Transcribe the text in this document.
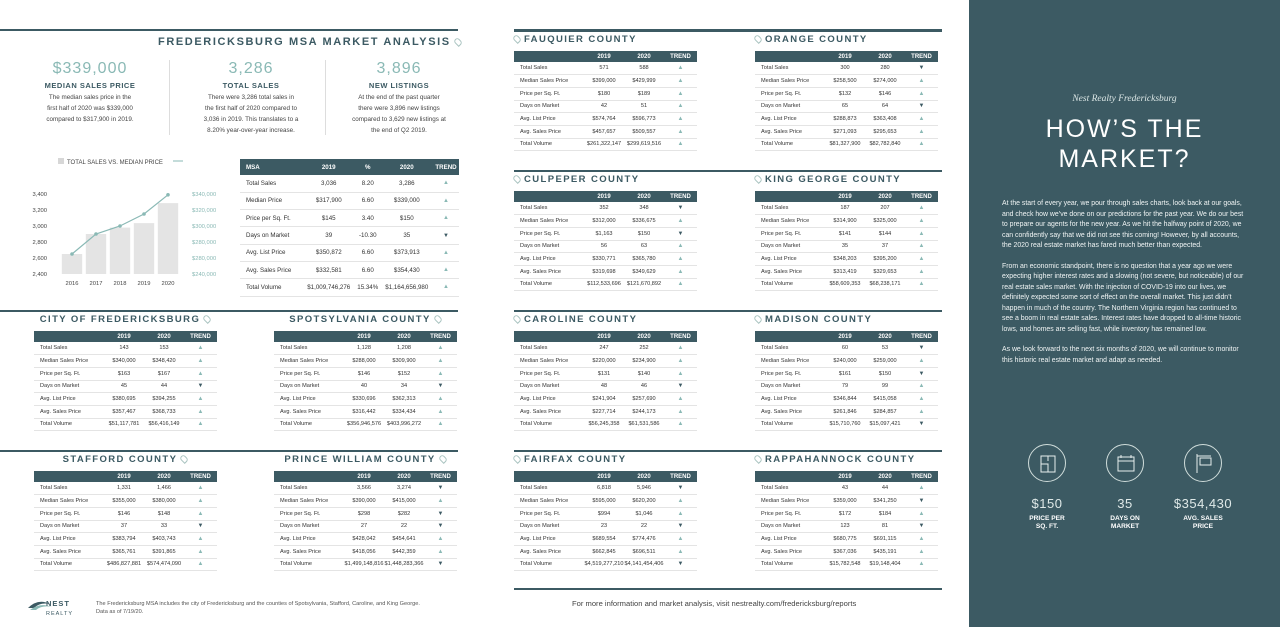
FREDERICKSBURG MSA MARKET ANALYSIS
$339,000
MEDIAN SALES PRICE
The median sales price in the
first half of 2020 was $339,000
compared to $317,900 in 2019.
3,286
TOTAL SALES
There were 3,286 total sales in
the first half of 2020 compared to
3,036 in 2019. This translates to a
8.20% year-over-year increase.
3,896
NEW LISTINGS
At the end of the past quarter
there were 3,896 new listings
compared to 3,629 new listings at
the end of Q2 2019.
TOTAL SALES VS. MEDIAN PRICE
3,400
3,200
3,000
2,800
2,600
2,400
$340,000
$320,000
$300,000
$280,000
$280,000
$240,000
2016 2017 2018 2019 2020
MSA	2019	%	2020	TREND
Total Sales	3,036	8.20	3,286	▲
Median Price	$317,900	6.60	$339,000	▲
Price per Sq. Ft.	$145	3.40	$150	▲
Days on Market	39	-10.30	35	▼
Avg. List Price	$350,872	6.60	$373,913	▲
Avg. Sales Price	$332,581	6.60	$354,430	▲
Total Volume	$1,009,746,276	15.34%	$1,164,656,980	▲
FAUQUIER COUNTY
	2019	2020	TREND
Total Sales	571	588	▲
Median Sales Price	$399,000	$429,999	▲
Price per Sq. Ft.	$180	$189	▲
Days on Market	42	51	▲
Avg. List Price	$574,764	$596,773	▲
Avg. Sales Price	$457,657	$509,557	▲
Total Volume	$261,322,147	$299,619,516	▲
ORANGE COUNTY
	2019	2020	TREND
Total Sales	300	280	▼
Median Sales Price	$258,500	$274,000	▲
Price per Sq. Ft.	$132	$146	▲
Days on Market	65	64	▼
Avg. List Price	$288,873	$363,408	▲
Avg. Sales Price	$271,093	$295,653	▲
Total Volume	$81,327,900	$82,782,840	▲
CULPEPER COUNTY
	2019	2020	TREND
Total Sales	352	348	▼
Median Sales Price	$312,000	$336,675	▲
Price per Sq. Ft.	$1,163	$150	▼
Days on Market	56	63	▲
Avg. List Price	$330,771	$365,780	▲
Avg. Sales Price	$319,698	$349,629	▲
Total Volume	$112,533,696	$121,670,892	▲
KING GEORGE COUNTY
	2019	2020	TREND
Total Sales	187	207	▲
Median Sales Price	$314,900	$325,000	▲
Price per Sq. Ft.	$141	$144	▲
Days on Market	35	37	▲
Avg. List Price	$348,203	$395,200	▲
Avg. Sales Price	$313,419	$329,653	▲
Total Volume	$58,609,353	$68,238,171	▲
CITY OF FREDERICKSBURG
	2019	2020	TREND
Total Sales	143	153	▲
Median Sales Price	$340,000	$348,420	▲
Price per Sq. Ft.	$163	$167	▲
Days on Market	45	44	▼
Avg. List Price	$380,695	$394,255	▲
Avg. Sales Price	$357,467	$368,733	▲
Total Volume	$51,117,781	$56,416,149	▲
SPOTSYLVANIA COUNTY
	2019	2020	TREND
Total Sales	1,128	1,208	▲
Median Sales Price	$288,000	$309,900	▲
Price per Sq. Ft.	$146	$152	▲
Days on Market	40	34	▼
Avg. List Price	$330,696	$362,313	▲
Avg. Sales Price	$316,442	$334,434	▲
Total Volume	$356,946,576	$403,996,272	▲
CAROLINE COUNTY
	2019	2020	TREND
Total Sales	247	252	▲
Median Sales Price	$220,000	$234,900	▲
Price per Sq. Ft.	$131	$140	▲
Days on Market	48	46	▼
Avg. List Price	$241,904	$257,690	▲
Avg. Sales Price	$227,714	$244,173	▲
Total Volume	$56,245,358	$61,531,586	▲
MADISON COUNTY
	2019	2020	TREND
Total Sales	60	53	▼
Median Sales Price	$240,000	$259,000	▲
Price per Sq. Ft.	$161	$150	▼
Days on Market	79	99	▲
Avg. List Price	$346,844	$415,058	▲
Avg. Sales Price	$261,846	$284,857	▲
Total Volume	$15,710,760	$15,097,421	▼
STAFFORD COUNTY
	2019	2020	TREND
Total Sales	1,331	1,466	▲
Median Sales Price	$355,000	$380,000	▲
Price per Sq. Ft.	$146	$148	▲
Days on Market	37	33	▼
Avg. List Price	$383,794	$403,743	▲
Avg. Sales Price	$365,761	$391,865	▲
Total Volume	$486,827,881	$574,474,090	▲
PRINCE WILLIAM COUNTY
	2019	2020	TREND
Total Sales	3,566	3,274	▼
Median Sales Price	$390,000	$415,000	▲
Price per Sq. Ft.	$298	$282	▼
Days on Market	27	22	▼
Avg. List Price	$428,042	$454,641	▲
Avg. Sales Price	$418,056	$442,359	▲
Total Volume	$1,499,148,816	$1,448,283,366	▼
FAIRFAX COUNTY
	2019	2020	TREND
Total Sales	6,818	5,946	▼
Median Sales Price	$595,000	$620,200	▲
Price per Sq. Ft.	$994	$1,046	▲
Days on Market	23	22	▼
Avg. List Price	$689,554	$774,476	▲
Avg. Sales Price	$662,845	$696,511	▲
Total Volume	$4,519,277,210	$4,141,454,406	▼
RAPPAHANNOCK COUNTY
	2019	2020	TREND
Total Sales	43	44	▲
Median Sales Price	$359,000	$341,250	▼
Price per Sq. Ft.	$172	$184	▲
Days on Market	123	81	▼
Avg. List Price	$680,775	$691,115	▲
Avg. Sales Price	$367,036	$435,191	▲
Total Volume	$15,782,548	$19,148,404	▲
NEST
REALTY
The Fredericksburg MSA includes the city of Fredericksburg and the counties of Spotsylvania, Stafford, Caroline, and King George.
Data as of 7/19/20.
For more information and market analysis, visit nestrealty.com/fredericksburg/reports
Nest Realty Fredericksburg
HOW’S THE
MARKET?

At the start of every year, we pour through sales charts, look back at our goals, and check how we’ve done on our predictions for the past year. We do our best to prepare our agents for the new year. As we hit the halfway point of 2020, we can confidently say that we did not see this coming! However, by all accounts, the 2020 real estate market has fared much better than expected.

From an economic standpoint, there is no question that a year ago we were expecting higher interest rates and a slowing (not severe, but noticeable) of our real estate sales market. With the injection of COVID-19 into our lives, we definitely expected some sort of effect on the overall market. This just didn’t happen in much of the country. The Northern Virginia region has continued to see a boom in real estate sales. Interest rates have dropped to all-time historic lows, and homes are selling fast, while inventory has remained low.

As we look forward to the next six months of 2020, we will continue to monitor this historic real estate market and adapt as needed.

$150
PRICE PER
SQ. FT.
35
DAYS ON
MARKET
$354,430
AVG. SALES
PRICE
